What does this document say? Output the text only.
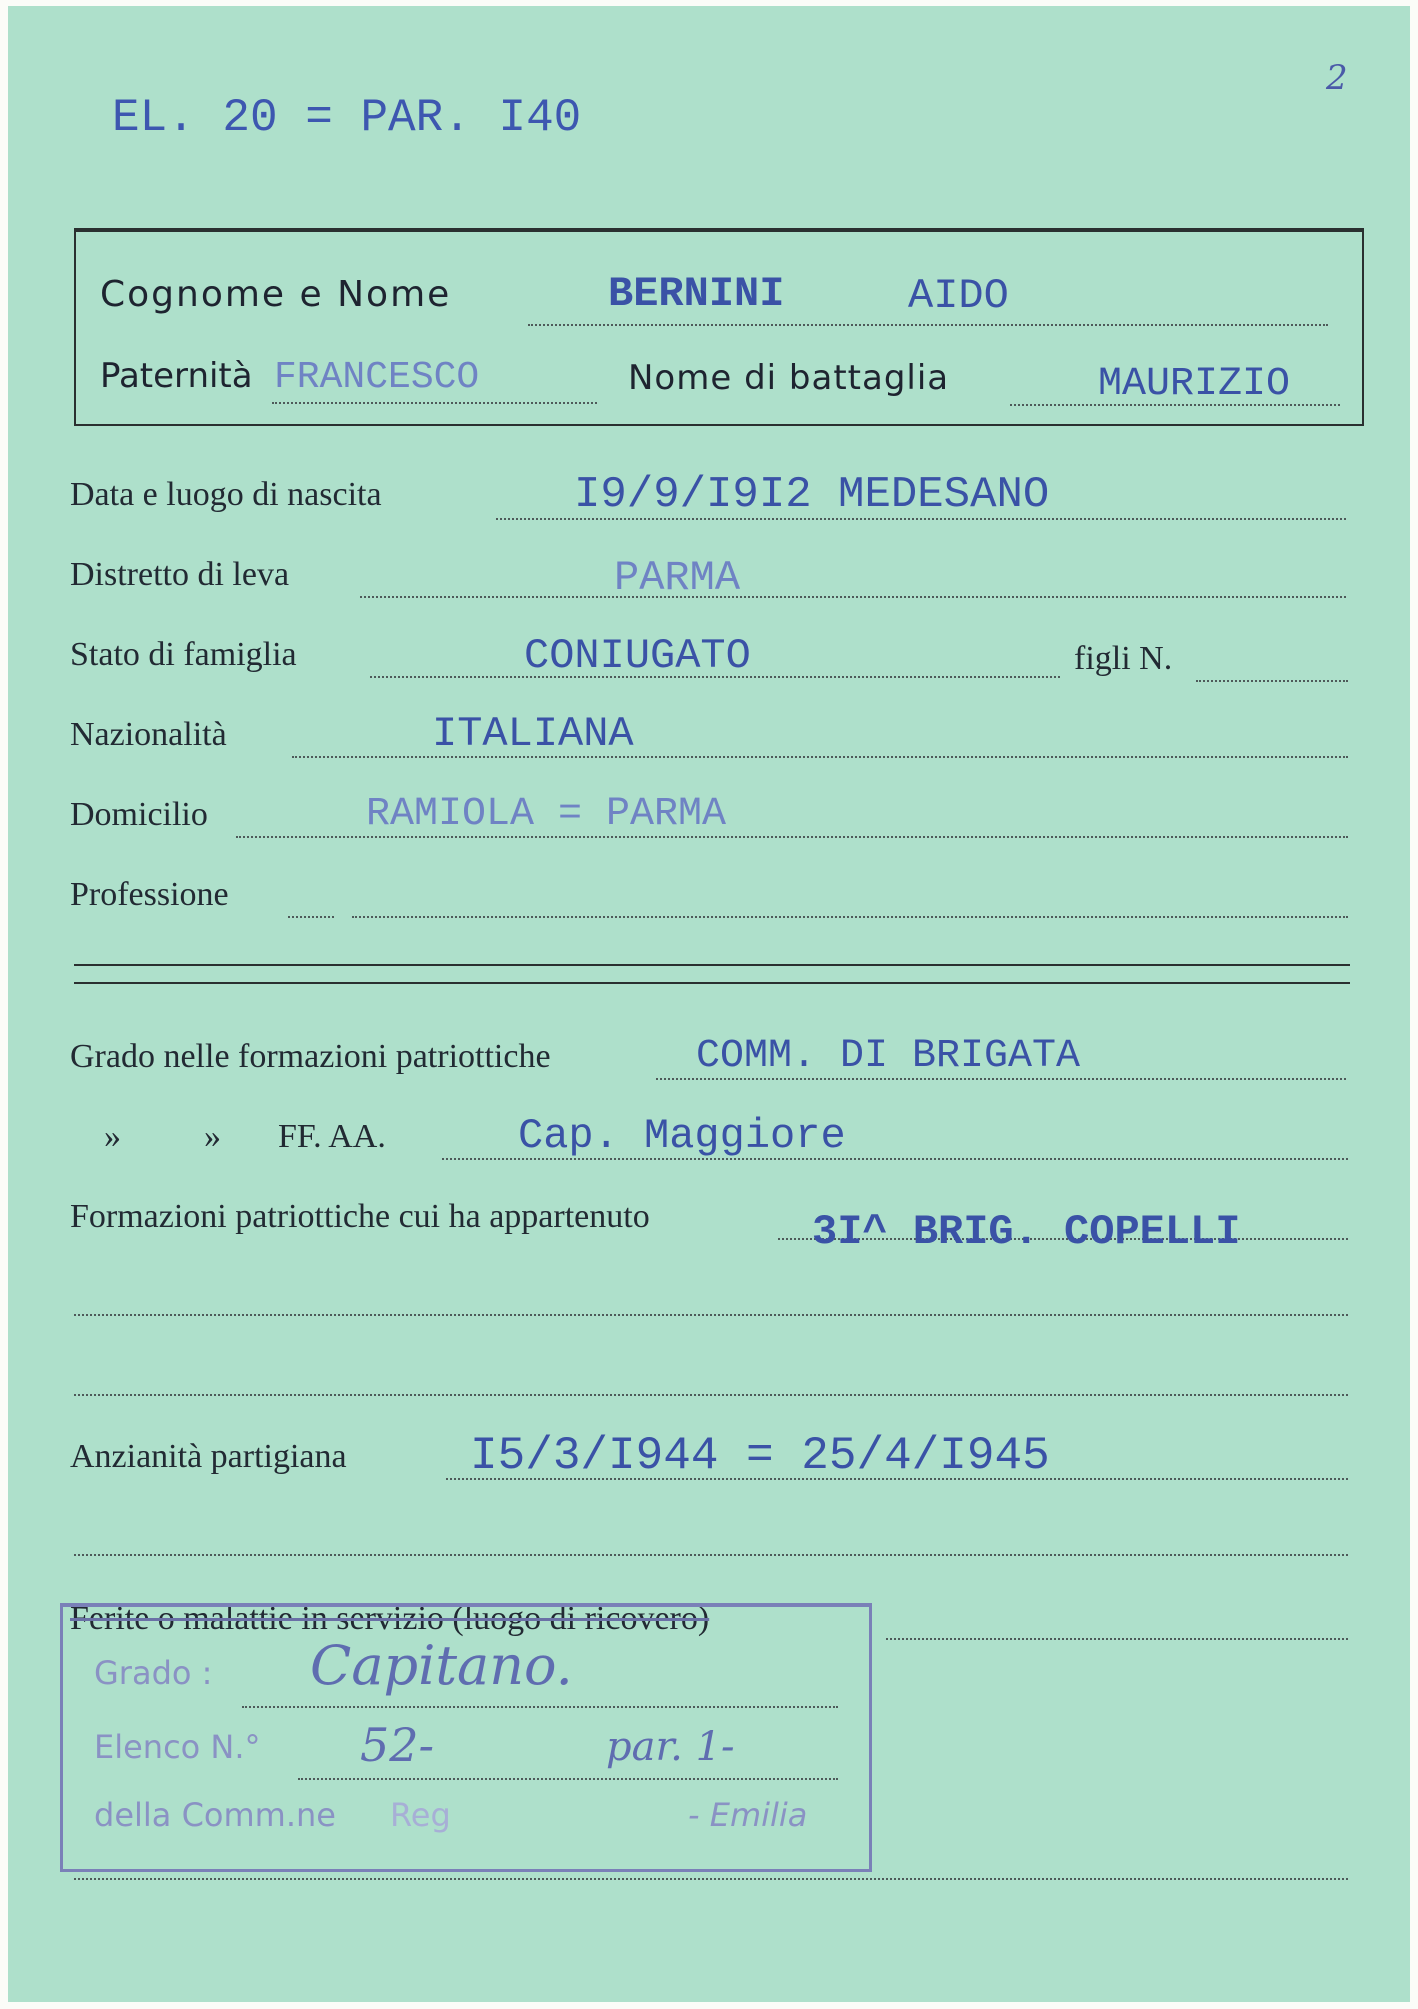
EL. 20 = PAR. I40
2
Cognome e Nome	BERNINI	AIDO
Paternità FRANCESCO	Nome di battaglia	MAURIZIO
Data e luogo di nascita	I9/9/I9I2 MEDESANO
Distretto di leva	PARMA
Stato di famiglia	CONIUGATO	figli N.
Nazionalità	ITALIANA
Domicilio	RAMIOLA = PARMA
Professione
Grado nelle formazioni patriottiche	COMM. DI BRIGATA
» » FF. AA.	Cap. Maggiore
Formazioni patriottiche cui ha appartenuto	3I^ BRIG. COPELLI
Anzianità partigiana	I5/3/I944 = 25/4/I945
Ferite o malattie in servizio (luogo di ricovero)
Grado : Capitano.
Elenco N.° 52-	par. 1-
della Comm.ne Reg	- Emilia
